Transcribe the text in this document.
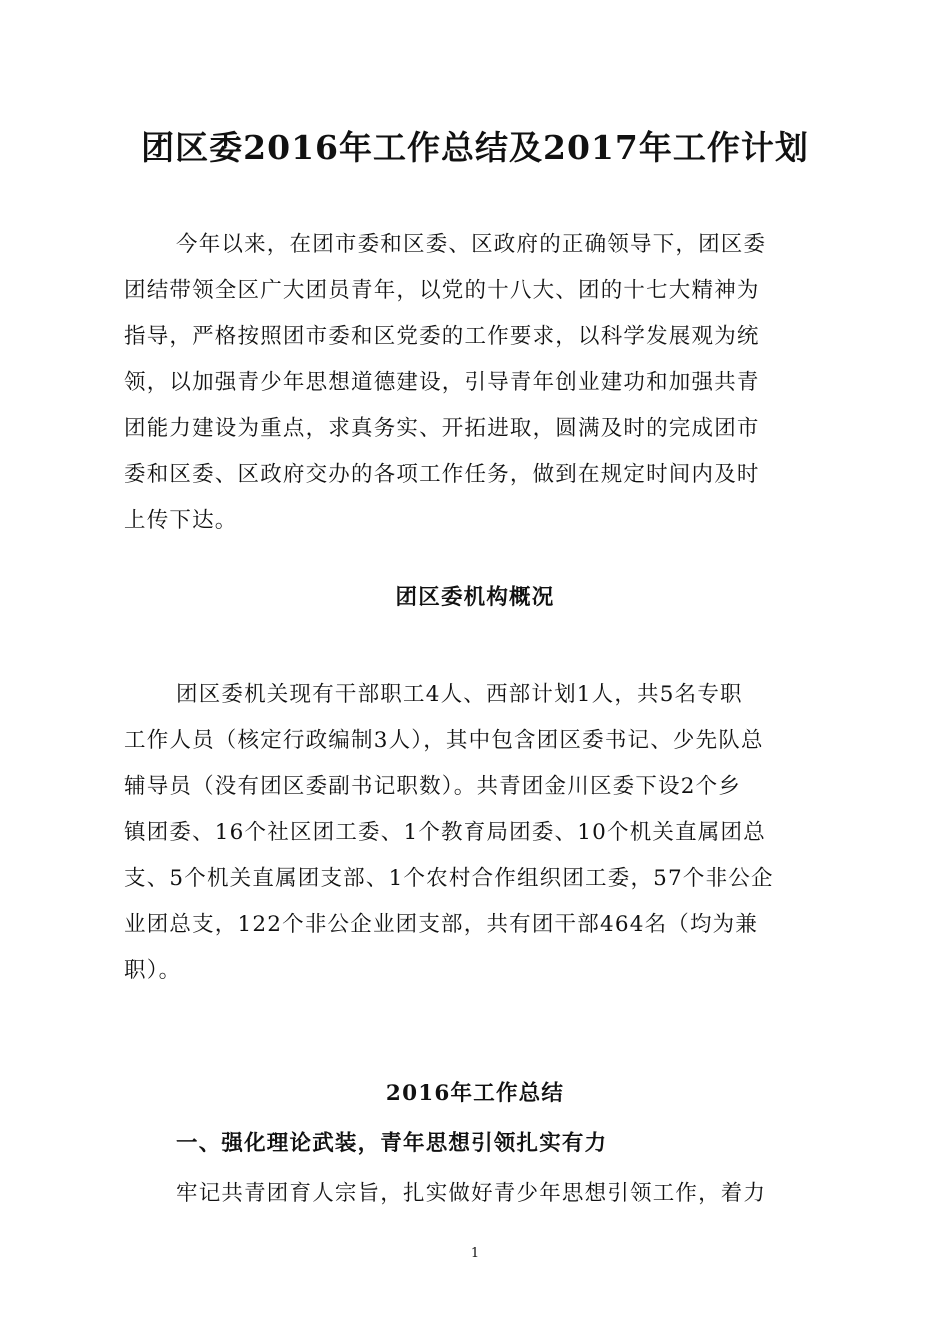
团区委2016年工作总结及2017年工作计划

今年以来，在团市委和区委、区政府的正确领导下，团区委
团结带领全区广大团员青年，以党的十八大、团的十七大精神为
指导，严格按照团市委和区党委的工作要求，以科学发展观为统
领，以加强青少年思想道德建设，引导青年创业建功和加强共青
团能力建设为重点，求真务实、开拓进取，圆满及时的完成团市
委和区委、区政府交办的各项工作任务，做到在规定时间内及时
上传下达。

团区委机构概况

团区委机关现有干部职工4人、西部计划1人，共5名专职
工作人员（核定行政编制3人），其中包含团区委书记、少先队总
辅导员（没有团区委副书记职数）。共青团金川区委下设2个乡
镇团委、16个社区团工委、1个教育局团委、10个机关直属团总
支、5个机关直属团支部、1个农村合作组织团工委，57个非公企
业团总支，122个非公企业团支部，共有团干部464名（均为兼
职）。

2016年工作总结
一、强化理论武装，青年思想引领扎实有力

牢记共青团育人宗旨，扎实做好青少年思想引领工作，着力

1
